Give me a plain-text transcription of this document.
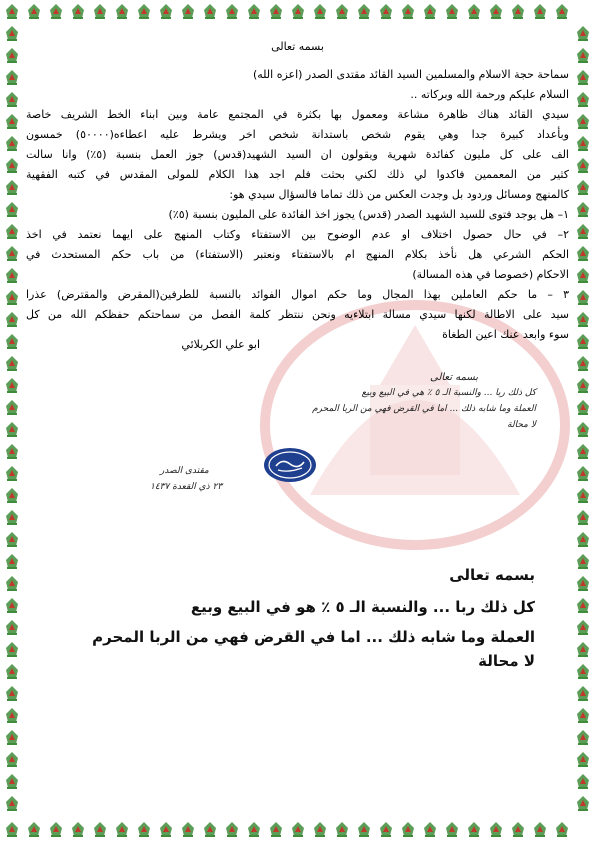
بسمه تعالى
سماحة حجة الاسلام والمسلمين السيد القائد مقتدى الصدر (اعزه الله)
السلام عليكم ورحمة الله وبركاته ..
سيدي القائد هناك ظاهرة مشاعة ومعمول بها بكثرة في المجتمع عامة وبين ابناء الخط الشريف خاصة
وبأعداد كبيرة جدا وهي يقوم شخص باستدانة شخص اخر ويشرط عليه اعطاءه(٥٠٠٠٠) خمسون
الف على كل مليون كفائدة شهرية ويقولون ان السيد الشهيد(قدس) جوز العمل بنسبة (٥٪) وانا سالت
كثير من المعممين فاكدوا لي ذلك لكني بحثت فلم اجد هذا الكلام للمولى المقدس في كتبه الفقهية
كالمنهج ومسائل وردود بل وجدت العكس من ذلك تماما فالسؤال سيدي هو:
١– هل يوجد فتوى للسيد الشهيد الصدر (قدس) يجوز اخذ الفائدة على المليون بنسبة (٥٪)
٢– في حال حصول اختلاف او عدم الوضوح بين الاستفتاء وكتاب المنهج على ايهما نعتمد في اخذ
الحكم الشرعي هل نأخذ بكلام المنهج ام بالاستفتاء ونعتبر (الاستفتاء) من باب حكم المستحدث في
الاحكام (خصوصا في هذه المسالة)
٣ – ما حكم العاملين بهذا المجال وما حكم اموال الفوائد بالنسبة للطرفين(المقرض والمقترض) عذرا
سيد على الاطالة لكنها سيدي مسالة ابتلاءيه ونحن ننتظر كلمة الفصل من سماحتكم حفظكم الله من كل
سوء وابعد عنك اعين الطغاة
ابو علي الكربلائي
بسمه تعالى
كل ذلك ربا ... والنسبة الـ ٥ ٪ هي في البيع وبيع
العملة وما شابه ذلك ... اما في القرض فهي من الربا المحرم
لا محالة
مقتدى الصدر
٢٣ ذي القعدة ١٤٣٧
بسمه تعالى
كل ذلك ربا ... والنسبة الـ ٥ ٪ هو في البيع وبيع
العملة وما شابه ذلك ... اما في القرض فهي من الربا المحرم
لا محالة
